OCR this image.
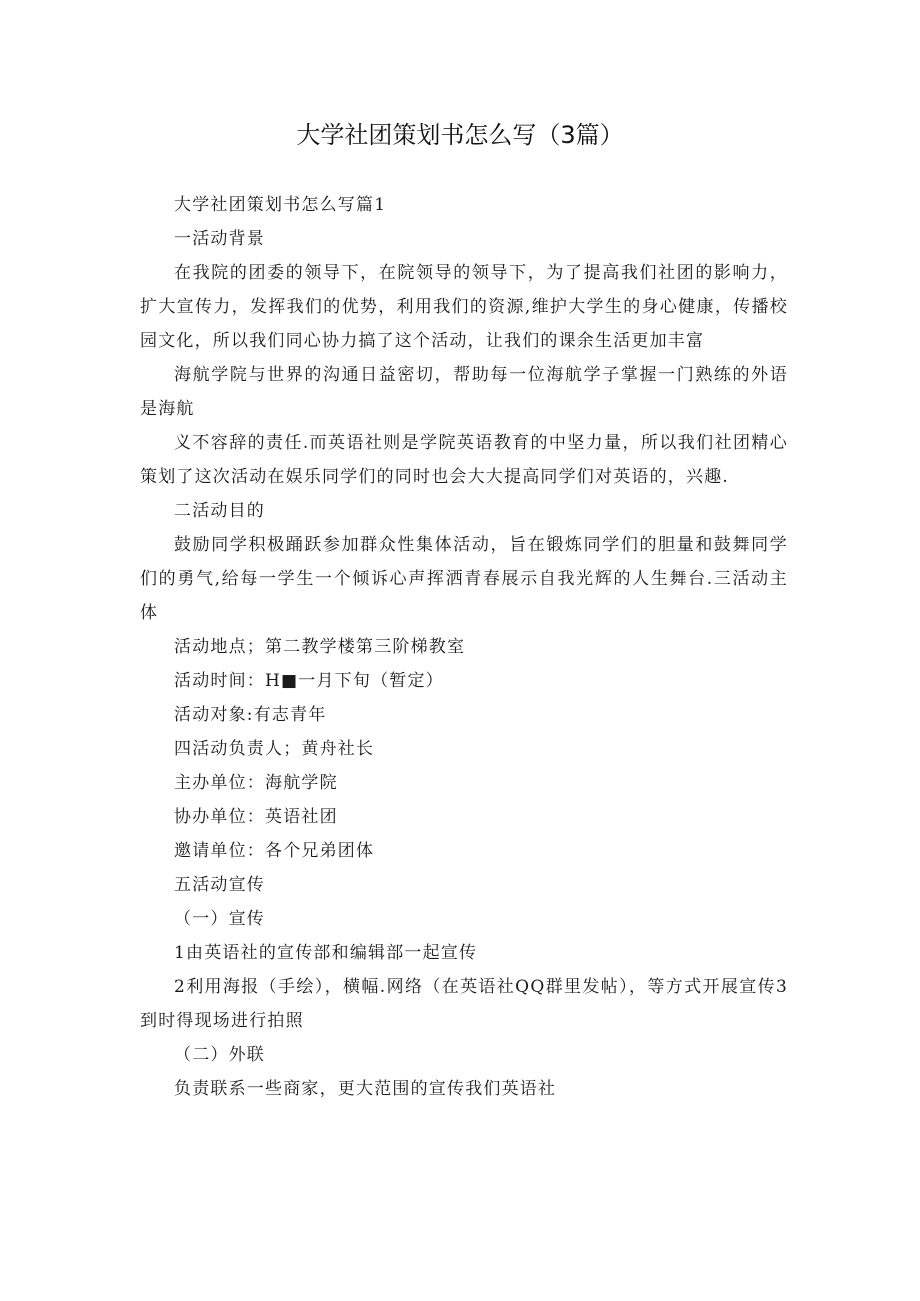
大学社团策划书怎么写（3篇）

大学社团策划书怎么写篇1

一活动背景

在我院的团委的领导下，在院领导的领导下，为了提高我们社团的影响力，扩大宣传力，发挥我们的优势，利用我们的资源,维护大学生的身心健康，传播校园文化，所以我们同心协力搞了这个活动，让我们的课余生活更加丰富

海航学院与世界的沟通日益密切，帮助每一位海航学子掌握一门熟练的外语是海航

义不容辞的责任.而英语社则是学院英语教育的中坚力量，所以我们社团精心策划了这次活动在娱乐同学们的同时也会大大提高同学们对英语的，兴趣.

二活动目的

鼓励同学积极踊跃参加群众性集体活动，旨在锻炼同学们的胆量和鼓舞同学们的勇气,给每一学生一个倾诉心声挥洒青春展示自我光辉的人生舞台.三活动主体

活动地点；第二教学楼第三阶梯教室

活动时间：H■一月下旬（暂定）

活动对象:有志青年

四活动负责人；黄舟社长

主办单位：海航学院

协办单位：英语社团

邀请单位：各个兄弟团体

五活动宣传

（一）宣传

1由英语社的宣传部和编辑部一起宣传

2利用海报（手绘），横幅.网络（在英语社QQ群里发帖），等方式开展宣传3到时得现场进行拍照

（二）外联

负责联系一些商家，更大范围的宣传我们英语社
